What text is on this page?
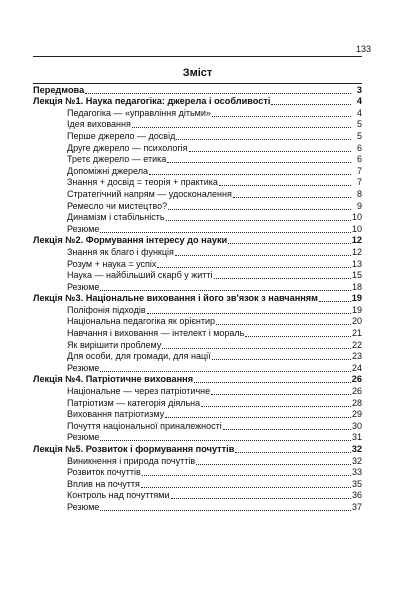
133
Зміст
Передмова	3
Лекція №1. Наука педагогіка: джерела і особливості	4
Педагогіка — «управління дітьми»	4
Ідея виховання	5
Перше джерело — досвід	5
Друге джерело — психологія	6
Третє джерело — етика	6
Допоміжні джерела	7
Знання + досвід = теорія + практика	7
Стратегічний напрям — удосконалення	8
Ремесло чи мистецтво?	9
Динамізм і стабільність	10
Резюме	10
Лекція №2. Формування інтересу до науки	12
Знання як благо і функція	12
Розум + наука = успіх	13
Наука — найбільший скарб у житті	15
Резюме	18
Лекція №3. Національне виховання і його зв'язок з навчанням	19
Поліфонія підходів	19
Національна педагогіка як орієнтир	20
Навчання і виховання — інтелект і мораль	21
Як вирішити проблему	22
Для особи, для громади, для нації	23
Резюме	24
Лекція №4. Патріотичне виховання	26
Національне — через патріотичне	26
Патріотизм — категорія діяльна	28
Виховання патріотизму	29
Почуття національної приналежності	30
Резюме	31
Лекція №5. Розвиток і формування почуттів	32
Виникнення і природа почуттів	32
Розвиток почуттів	33
Вплив на почуття	35
Контроль над почуттями	36
Резюме	37
